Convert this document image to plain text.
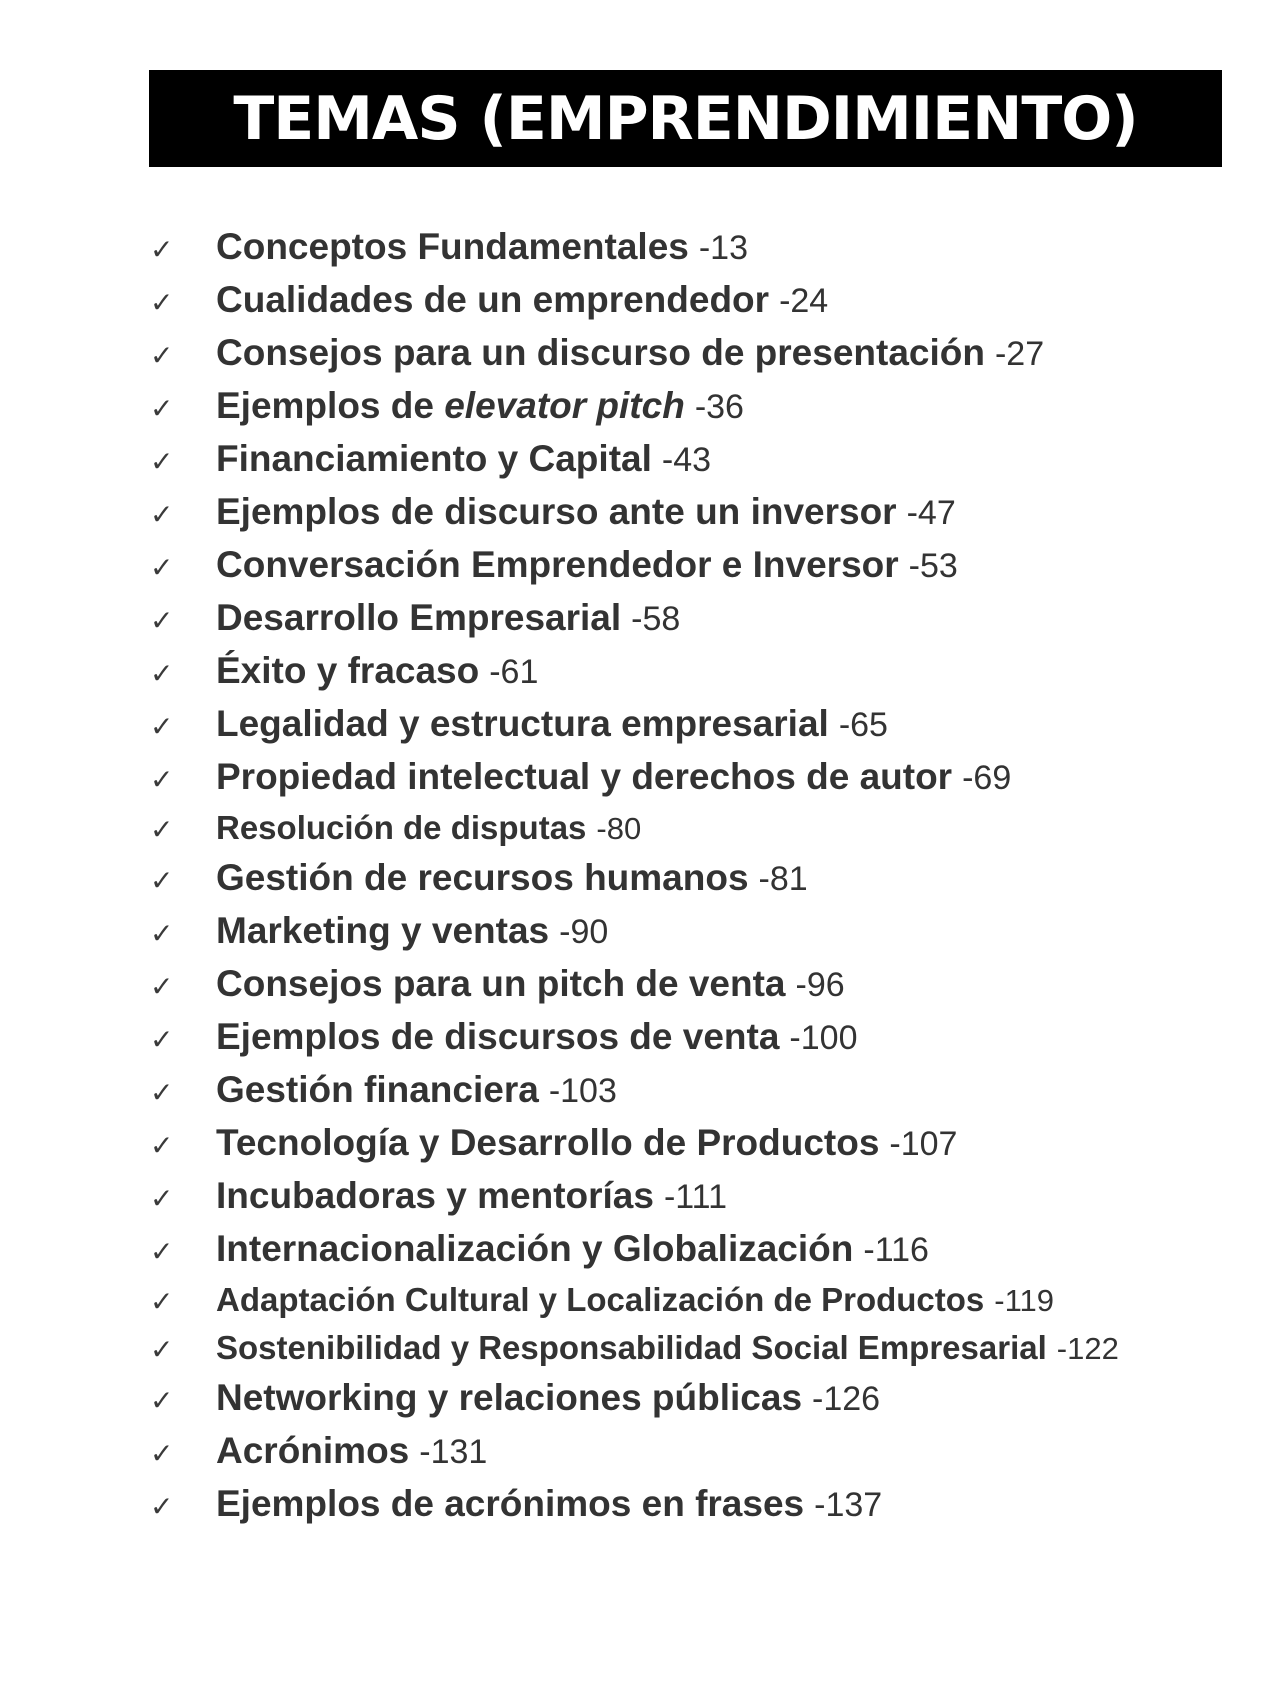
TEMAS (EMPRENDIMIENTO)
✓	Conceptos Fundamentales -13
✓	Cualidades de un emprendedor -24
✓	Consejos para un discurso de presentación -27
✓	Ejemplos de elevator pitch -36
✓	Financiamiento y Capital -43
✓	Ejemplos de discurso ante un inversor -47
✓	Conversación Emprendedor e Inversor -53
✓	Desarrollo Empresarial -58
✓	Éxito y fracaso -61
✓	Legalidad y estructura empresarial -65
✓	Propiedad intelectual y derechos de autor -69
✓	Resolución de disputas -80
✓	Gestión de recursos humanos -81
✓	Marketing y ventas -90
✓	Consejos para un pitch de venta -96
✓	Ejemplos de discursos de venta -100
✓	Gestión financiera -103
✓	Tecnología y Desarrollo de Productos -107
✓	Incubadoras y mentorías -111
✓	Internacionalización y Globalización -116
✓	Adaptación Cultural y Localización de Productos -119
✓	Sostenibilidad y Responsabilidad Social Empresarial -122
✓	Networking y relaciones públicas -126
✓	Acrónimos -131
✓	Ejemplos de acrónimos en frases -137
